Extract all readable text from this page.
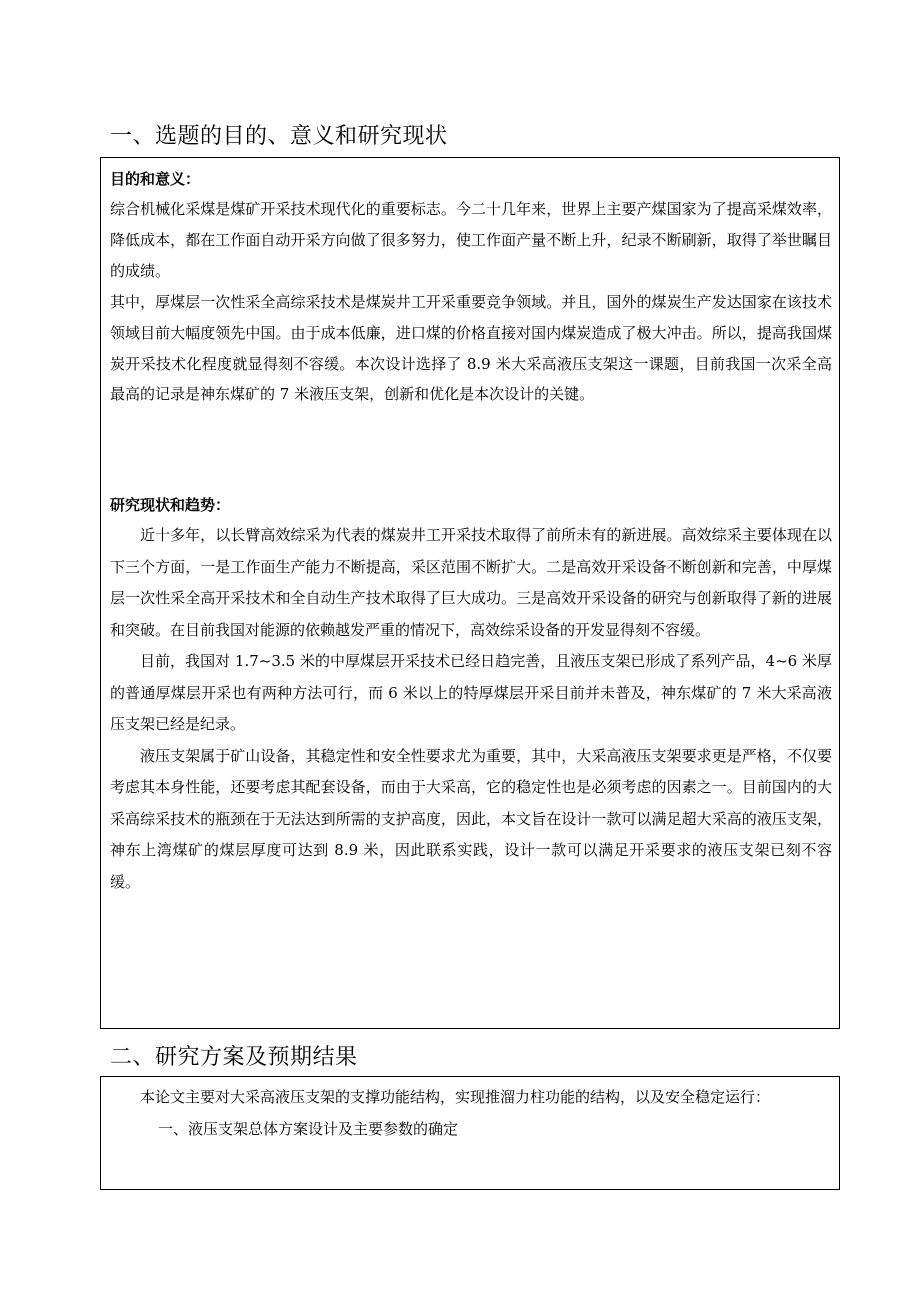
一、选题的目的、意义和研究现状

目的和意义：

综合机械化采煤是煤矿开采技术现代化的重要标志。今二十几年来，世界上主要产煤国家为了提高采煤效率，降低成本，都在工作面自动开采方向做了很多努力，使工作面产量不断上升，纪录不断刷新，取得了举世瞩目的成绩。

其中，厚煤层一次性采全高综采技术是煤炭井工开采重要竞争领域。并且，国外的煤炭生产发达国家在该技术领域目前大幅度领先中国。由于成本低廉，进口煤的价格直接对国内煤炭造成了极大冲击。所以，提高我国煤炭开采技术化程度就显得刻不容缓。本次设计选择了 8.9 米大采高液压支架这一课题，目前我国一次采全高最高的记录是神东煤矿的 7 米液压支架，创新和优化是本次设计的关键。

研究现状和趋势：

近十多年，以长臂高效综采为代表的煤炭井工开采技术取得了前所未有的新进展。高效综采主要体现在以下三个方面，一是工作面生产能力不断提高，采区范围不断扩大。二是高效开采设备不断创新和完善，中厚煤层一次性采全高开采技术和全自动生产技术取得了巨大成功。三是高效开采设备的研究与创新取得了新的进展和突破。在目前我国对能源的依赖越发严重的情况下，高效综采设备的开发显得刻不容缓。

目前，我国对 1.7~3.5 米的中厚煤层开采技术已经日趋完善，且液压支架已形成了系列产品，4~6 米厚的普通厚煤层开采也有两种方法可行，而 6 米以上的特厚煤层开采目前并未普及，神东煤矿的 7 米大采高液压支架已经是纪录。

液压支架属于矿山设备，其稳定性和安全性要求尤为重要，其中，大采高液压支架要求更是严格，不仅要考虑其本身性能，还要考虑其配套设备，而由于大采高，它的稳定性也是必须考虑的因素之一。目前国内的大采高综采技术的瓶颈在于无法达到所需的支护高度，因此，本文旨在设计一款可以满足超大采高的液压支架，神东上湾煤矿的煤层厚度可达到 8.9 米，因此联系实践，设计一款可以满足开采要求的液压支架已刻不容缓。

二、研究方案及预期结果

本论文主要对大采高液压支架的支撑功能结构，实现推溜力柱功能的结构，以及安全稳定运行：

一、液压支架总体方案设计及主要参数的确定
